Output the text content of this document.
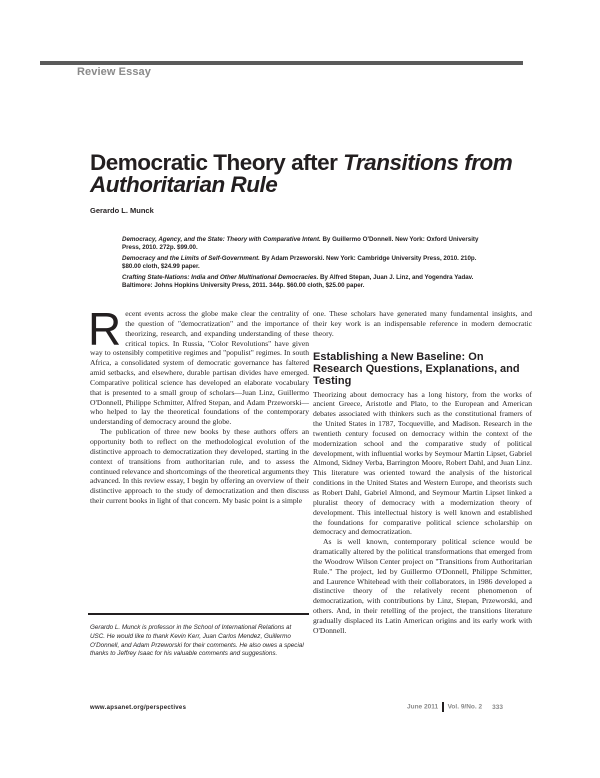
Review Essay
Democratic Theory after Transitions from Authoritarian Rule
Gerardo L. Munck
Democracy, Agency, and the State: Theory with Comparative Intent. By Guillermo O'Donnell. New York: Oxford University Press, 2010. 272p. $99.00.
Democracy and the Limits of Self-Government. By Adam Przeworski. New York: Cambridge University Press, 2010. 210p. $80.00 cloth, $24.99 paper.
Crafting State-Nations: India and Other Multinational Democracies. By Alfred Stepan, Juan J. Linz, and Yogendra Yadav. Baltimore: Johns Hopkins University Press, 2011. 344p. $60.00 cloth, $25.00 paper.

Recent events across the globe make clear the centrality of the question of "democratization" and the importance of theorizing, research, and expanding understanding of these critical topics. In Russia, "Color Revolutions" have given way to ostensibly competitive regimes and "populist" regimes. In south Africa, a consolidated system of democratic governance has faltered amid setbacks, and elsewhere, durable partisan divides have emerged. Comparative political science has developed an elaborate vocabulary that is presented to a small group of scholars—Juan Linz, Guillermo O'Donnell, Philippe Schmitter, Alfred Stepan, and Adam Przeworski—who helped to lay the theoretical foundations of the contemporary understanding of democracy around the globe.

The publication of three new books by these authors offers an opportunity both to reflect on the methodological evolution of the distinctive approach to democratization they developed, starting in the context of transitions from authoritarian rule, and to assess the continued relevance and shortcomings of the theoretical arguments they advanced. In this review essay, I begin by offering an overview of their distinctive approach to the study of democratization and then discuss their current books in light of that concern. My basic point is a simple

one. These scholars have generated many fundamental insights, and their key work is an indispensable reference in modern democratic theory.

Establishing a New Baseline: On Research Questions, Explanations, and Testing

Theorizing about democracy has a long history, from the works of ancient Greece, Aristotle and Plato, to the European and American debates associated with thinkers such as the constitutional framers of the United States in 1787, Tocqueville, and Madison. Research in the twentieth century focused on democracy within the context of the modernization school and the comparative study of political development, with influential works by Seymour Martin Lipset, Gabriel Almond, Sidney Verba, Barrington Moore, Robert Dahl, and Juan Linz. This literature was oriented toward the analysis of the historical conditions in the United States and Western Europe, and theorists such as Robert Dahl, Gabriel Almond, and Seymour Martin Lipset linked a pluralist theory of democracy with a modernization theory of development. This intellectual history is well known and established the foundations for comparative political science scholarship on democracy and democratization.

As is well known, contemporary political science would be dramatically altered by the political transformations that emerged from the Woodrow Wilson Center project on "Transitions from Authoritarian Rule." The project, led by Guillermo O'Donnell, Philippe Schmitter, and Laurence Whitehead with their collaborators, in 1986 developed a distinctive theory of the relatively recent phenomenon of democratization, with contributions by Linz, Stepan, Przeworski, and others. And, in their retelling of the project, the transitions literature gradually displaced its Latin American origins and its early work with O'Donnell.

Gerardo L. Munck is professor in the School of International Relations at USC. He would like to thank Kevin Kerr, Juan Carlos Mendez, Guillermo O'Donnell, and Adam Przeworski for their comments. He also owes a special thanks to Jeffrey Isaac for his valuable comments and suggestions.
www.apsanet.org/perspectives	June 2011 Vol. 9/No. 2 333
